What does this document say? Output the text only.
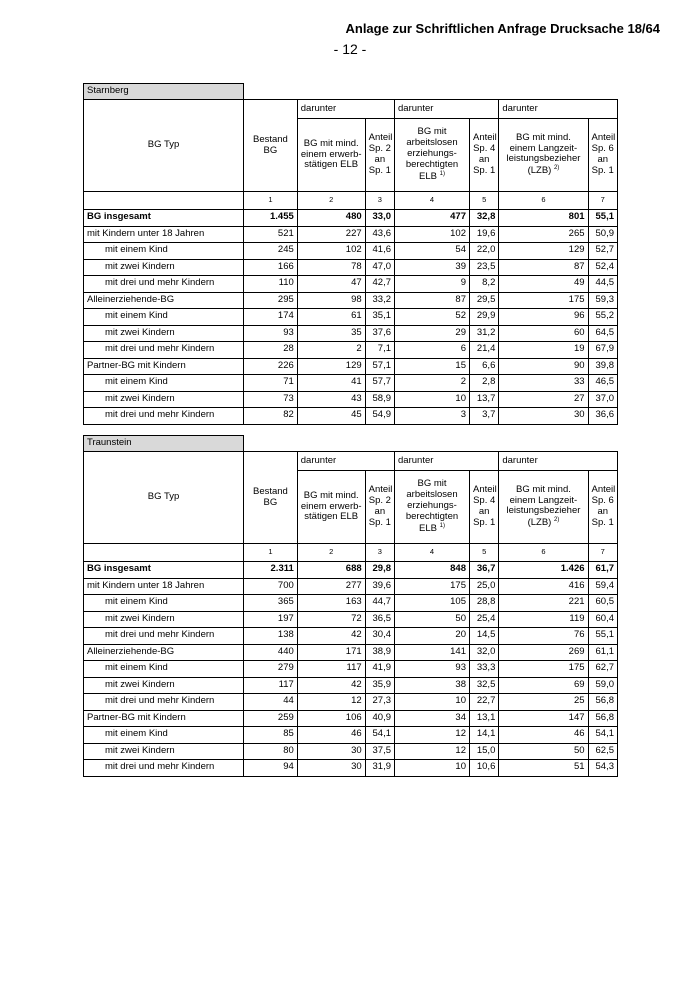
Anlage zur Schriftlichen Anfrage Drucksache 18/64
- 12 -
Starnberg							
BG Typ	Bestand BG	darunter		darunter		darunter	
		BG mit mind. einem erwerb-stätigen ELB	Anteil Sp. 2 an Sp. 1	BG mit arbeitslosen erziehungs-berechtigten ELB $^{1)}$	Anteil Sp. 4 an Sp. 1	BG mit mind. einem Langzeit-leistungsbezieher (LZB) $^{2)}$	Anteil Sp. 6 an Sp. 1
	1	2	3	4	5	6	7
BG insgesamt	1.455	480	33,0	477	32,8	801	55,1
mit Kindern unter 18 Jahren	521	227	43,6	102	19,6	265	50,9
mit einem Kind	245	102	41,6	54	22,0	129	52,7
mit zwei Kindern	166	78	47,0	39	23,5	87	52,4
mit drei und mehr Kindern	110	47	42,7	9	8,2	49	44,5
Alleinerziehende-BG	295	98	33,2	87	29,5	175	59,3
mit einem Kind	174	61	35,1	52	29,9	96	55,2
mit zwei Kindern	93	35	37,6	29	31,2	60	64,5
mit drei und mehr Kindern	28	2	7,1	6	21,4	19	67,9
Partner-BG mit Kindern	226	129	57,1	15	6,6	90	39,8
mit einem Kind	71	41	57,7	2	2,8	33	46,5
mit zwei Kindern	73	43	58,9	10	13,7	27	37,0
mit drei und mehr Kindern	82	45	54,9	3	3,7	30	36,6
Traunstein							
BG Typ	Bestand BG	darunter		darunter		darunter	
		BG mit mind. einem erwerb-stätigen ELB	Anteil Sp. 2 an Sp. 1	BG mit arbeitslosen erziehungs-berechtigten ELB $^{1)}$	Anteil Sp. 4 an Sp. 1	BG mit mind. einem Langzeit-leistungsbezieher (LZB) $^{2)}$	Anteil Sp. 6 an Sp. 1
	1	2	3	4	5	6	7
BG insgesamt	2.311	688	29,8	848	36,7	1.426	61,7
mit Kindern unter 18 Jahren	700	277	39,6	175	25,0	416	59,4
mit einem Kind	365	163	44,7	105	28,8	221	60,5
mit zwei Kindern	197	72	36,5	50	25,4	119	60,4
mit drei und mehr Kindern	138	42	30,4	20	14,5	76	55,1
Alleinerziehende-BG	440	171	38,9	141	32,0	269	61,1
mit einem Kind	279	117	41,9	93	33,3	175	62,7
mit zwei Kindern	117	42	35,9	38	32,5	69	59,0
mit drei und mehr Kindern	44	12	27,3	10	22,7	25	56,8
Partner-BG mit Kindern	259	106	40,9	34	13,1	147	56,8
mit einem Kind	85	46	54,1	12	14,1	46	54,1
mit zwei Kindern	80	30	37,5	12	15,0	50	62,5
mit drei und mehr Kindern	94	30	31,9	10	10,6	51	54,3
